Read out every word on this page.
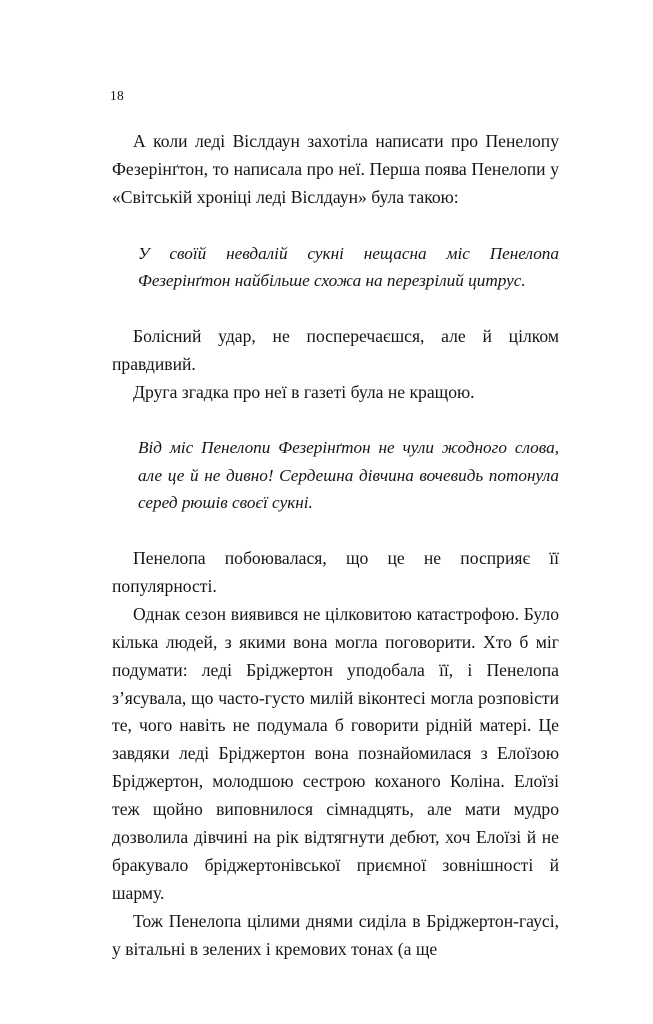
18

А коли леді Віслдаун захотіла написати про Пенелопу Фезерінґтон, то написала про неї. Перша поява Пенелопи у «Світській хроніці леді Віслдаун» була такою:

У своїй невдалій сукні нещасна міс Пенелопа Фезерінґтон найбільше схожа на перезрілий цитрус.

Болісний удар, не посперечаєшся, але й цілком правдивий.

Друга згадка про неї в газеті була не кращою.

Від міс Пенелопи Фезерінґтон не чули жодного слова, але це й не дивно! Сердешна дівчина вочевидь потонула серед рюшів своєї сукні.

Пенелопа побоювалася, що це не посприяє її популярності.

Однак сезон виявився не цілковитою катастрофою. Було кілька людей, з якими вона могла поговорити. Хто б міг подумати: леді Бріджертон уподобала її, і Пенелопа з’ясувала, що часто-густо милій віконтесі могла розповісти те, чого навіть не подумала б говорити рідній матері. Це завдяки леді Бріджертон вона познайомилася з Елоїзою Бріджертон, молодшою сестрою коханого Коліна. Елоїзі теж щойно виповнилося сімнадцять, але мати мудро дозволила дівчині на рік відтягнути дебют, хоч Елоїзі й не бракувало бріджертонівської приємної зовнішності й шарму.

Тож Пенелопа цілими днями сиділа в Бріджертон-гаусі, у вітальні в зелених і кремових тонах (а ще
